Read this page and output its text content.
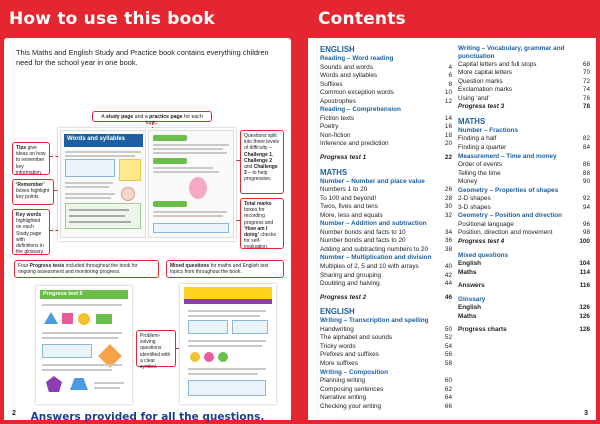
How to use this book	Contents
This Maths and English Study and Practice book contains everything children need for the school year in one book.
A study page and a practice page for each topic.
Tips give ideas on how to remember key information.
‘Remember’ boxes highlight key points
Key words highlighted on each Study page with definitions in the glossary.
Questions split into three levels of difficulty – Challenge 1, Challenge 2 and Challenge 3 – to help progression.
Total marks boxes for recording progress and ‘How am I doing’ checks for self-evaluation.
Words and syllables
Four Progress tests included throughout the book for ongoing assessment and monitoring progress.
Mixed questions for maths and English test topics from throughout the book.
Progress test 6
Problem-solving questions identified with a clear symbol.
Answers provided for all the questions.
2
ENGLISH
Reading – Word reading
Sounds and words	4
Words and syllables	6
Suffixes	8
Common exception words	10
Apostrophes	12
Reading – Comprehension
Fiction texts	14
Poetry	16
Non-fiction	18
Inference and prediction	20
Progress test 1	22
MATHS
Number – Number and place value
Numbers 1 to 20	26
To 100 and beyond!	28
Twos, fives and tens	30
More, less and equals	32
Number – Addition and subtraction
Number bonds and facts to 10	34
Number bonds and facts to 20	36
Adding and subtracting numbers to 20	38
Number – Multiplication and division
Multiples of 2, 5 and 10 with arrays	40
Sharing and grouping	42
Doubling and halving	44
Progress test 2	46
ENGLISH
Writing – Transcription and spelling
Handwriting	50
The alphabet and sounds	52
Tricky words	54
Prefixes and suffixes	56
More suffixes	58
Writing – Composition
Planning writing	60
Composing sentences	62
Narrative writing	64
Checking your writing	66
Writing – Vocabulary, grammar and punctuation
Capital letters and full stops	68
More capital letters	70
Question marks	72
Exclamation marks	74
Using ‘and’	76
Progress test 3	78
MATHS
Number – Fractions
Finding a half	82
Finding a quarter	84
Measurement – Time and money
Order of events	86
Telling the time	88
Money	90
Geometry – Properties of shapes
2-D shapes	92
3-D shapes	94
Geometry – Position and direction
Positional language	96
Position, direction and movement	98
Progress test 4	100
Mixed questions
English	104
Maths	114
Answers	116
Glossary
English	126
Maths	126
Progress charts	128
3
